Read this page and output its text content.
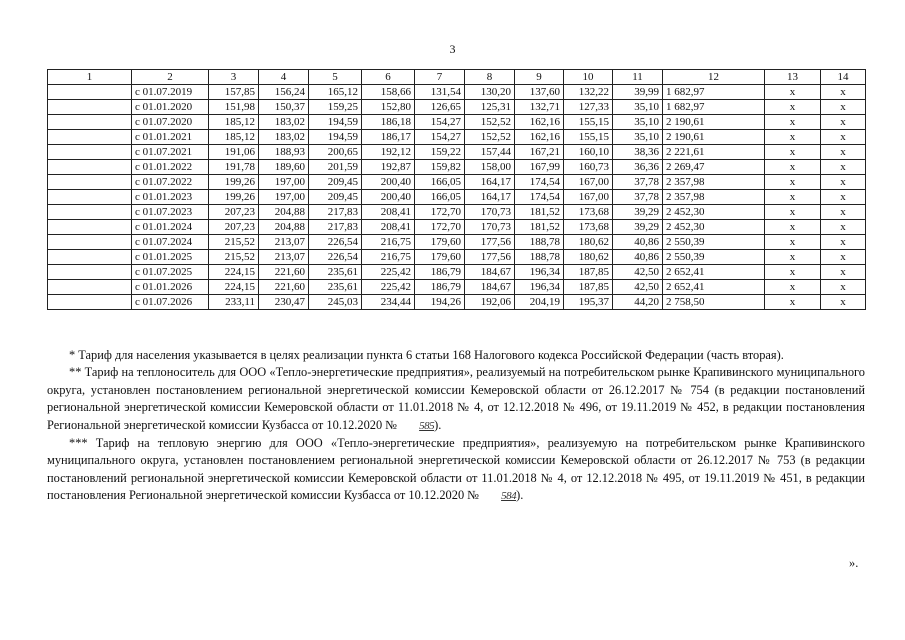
3
1	2	3	4	5	6	7	8	9	10	11	12	13	14
	с 01.07.2019	157,85	156,24	165,12	158,66	131,54	130,20	137,60	132,22	39,99	1 682,97	х	х
	с 01.01.2020	151,98	150,37	159,25	152,80	126,65	125,31	132,71	127,33	35,10	1 682,97	х	х
	с 01.07.2020	185,12	183,02	194,59	186,18	154,27	152,52	162,16	155,15	35,10	2 190,61	х	х
	с 01.01.2021	185,12	183,02	194,59	186,17	154,27	152,52	162,16	155,15	35,10	2 190,61	х	х
	с 01.07.2021	191,06	188,93	200,65	192,12	159,22	157,44	167,21	160,10	38,36	2 221,61	х	х
	с 01.01.2022	191,78	189,60	201,59	192,87	159,82	158,00	167,99	160,73	36,36	2 269,47	х	х
	с 01.07.2022	199,26	197,00	209,45	200,40	166,05	164,17	174,54	167,00	37,78	2 357,98	х	х
	с 01.01.2023	199,26	197,00	209,45	200,40	166,05	164,17	174,54	167,00	37,78	2 357,98	х	х
	с 01.07.2023	207,23	204,88	217,83	208,41	172,70	170,73	181,52	173,68	39,29	2 452,30	х	х
	с 01.01.2024	207,23	204,88	217,83	208,41	172,70	170,73	181,52	173,68	39,29	2 452,30	х	х
	с 01.07.2024	215,52	213,07	226,54	216,75	179,60	177,56	188,78	180,62	40,86	2 550,39	х	х
	с 01.01.2025	215,52	213,07	226,54	216,75	179,60	177,56	188,78	180,62	40,86	2 550,39	х	х
	с 01.07.2025	224,15	221,60	235,61	225,42	186,79	184,67	196,34	187,85	42,50	2 652,41	х	х
	с 01.01.2026	224,15	221,60	235,61	225,42	186,79	184,67	196,34	187,85	42,50	2 652,41	х	х
	с 01.07.2026	233,11	230,47	245,03	234,44	194,26	192,06	204,19	195,37	44,20	2 758,50	х	х

* Тариф для населения указывается в целях реализации пункта 6 статьи 168 Налогового кодекса Российской Федерации (часть вторая).

** Тариф на теплоноситель для ООО «Тепло-энергетические предприятия», реализуемый на потребительском рынке Крапивинского муниципального округа, установлен постановлением региональной энергетической комиссии Кемеровской области от 26.12.2017 № 754 (в редакции постановлений региональной энергетической комиссии Кемеровской области от 11.01.2018 № 4, от 12.12.2018 № 496, от 19.11.2019 № 452, в редакции постановления Региональной энергетической комиссии Кузбасса от 10.12.2020 № 585).

*** Тариф на тепловую энергию для ООО «Тепло-энергетические предприятия», реализуемую на потребительском рынке Крапивинского муниципального округа, установлен постановлением региональной энергетической комиссии Кемеровской области от 26.12.2017 № 753 (в редакции постановлений региональной энергетической комиссии Кемеровской области от 11.01.2018 № 4, от 12.12.2018 № 495, от 19.11.2019 № 451, в редакции постановления Региональной энергетической комиссии Кузбасса от 10.12.2020 № 584).

».
